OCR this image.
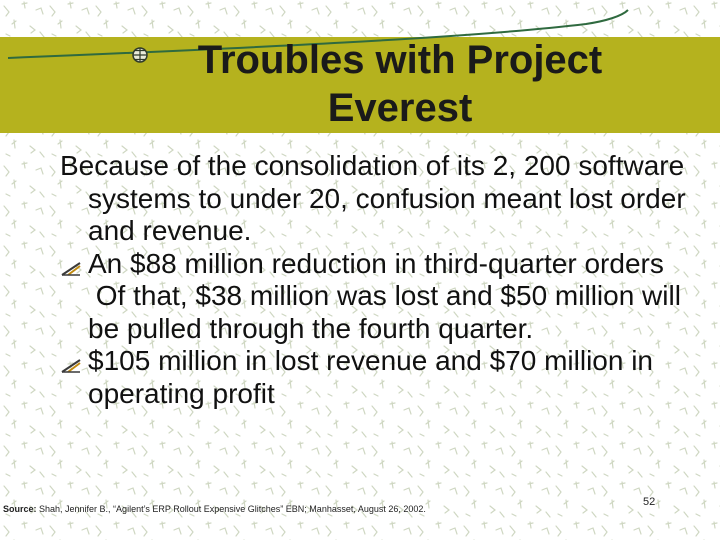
Troubles with Project Everest

Because of the consolidation of its 2, 200 software systems to under 20, confusion meant lost order and revenue.

An $88 million reduction in third-quarter orders
Of that, $38 million was lost and $50 million will be pulled through the fourth quarter.
$105 million in lost revenue and $70 million in operating profit
Source: Shah, Jennifer B., “Agilent’s ERP Rollout Expensive Glitches” EBN; Manhasset, August 26, 2002.
52
